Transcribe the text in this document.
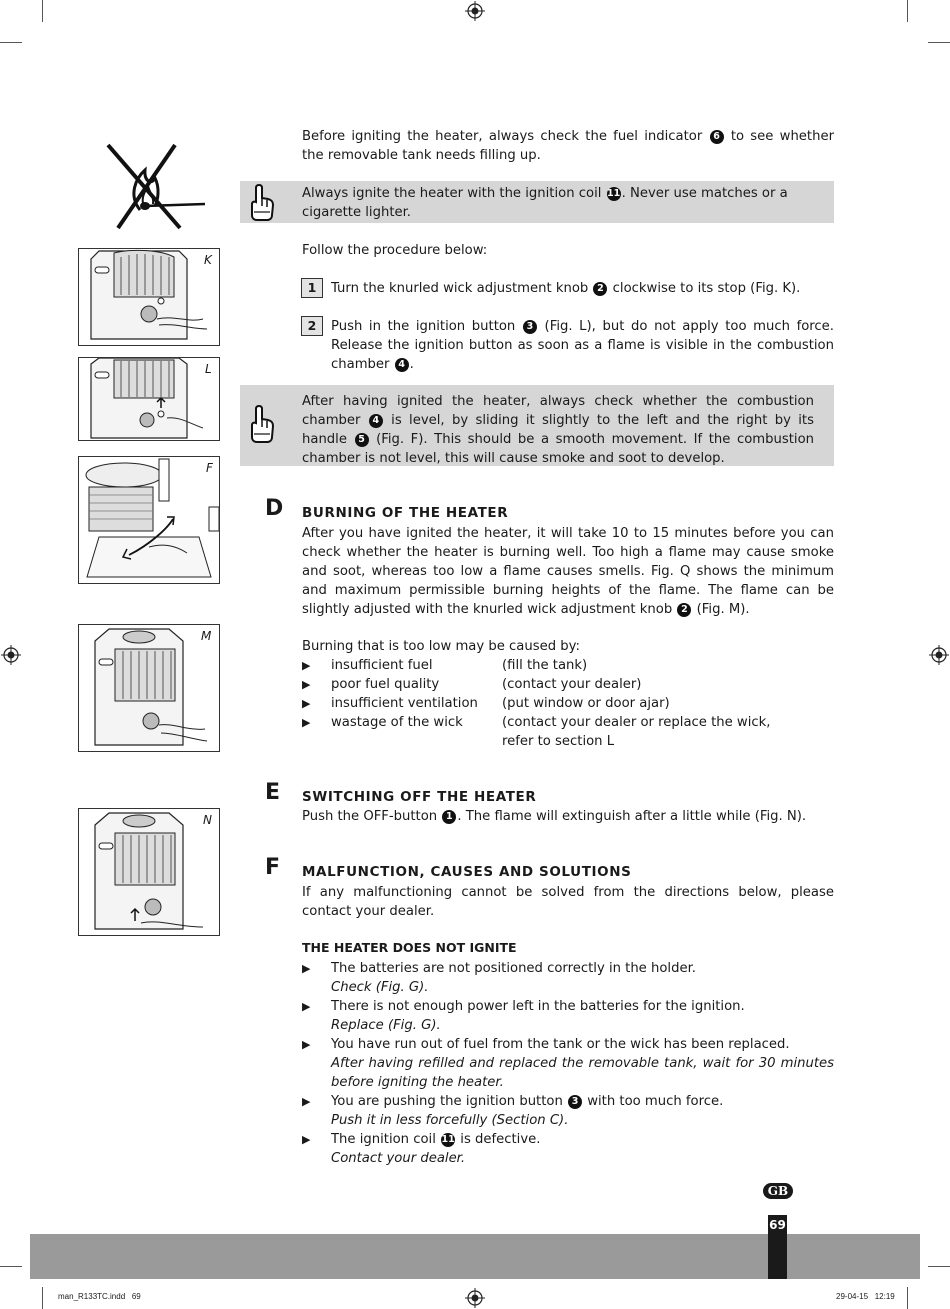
Before igniting the heater, always check the fuel indicator 6 to see whether the removable tank needs filling up.
Always ignite the heater with the ignition coil 11. Never use matches or a cigarette lighter.
Follow the procedure below:
1	Turn the knurled wick adjustment knob 2 clockwise to its stop (Fig. K).
2	Push in the ignition button 3 (Fig. L), but do not apply too much force. Release the ignition button as soon as a flame is visible in the combustion chamber 4 .
After having ignited the heater, always check whether the combustion chamber 4 is level, by sliding it slightly to the left and the right by its handle 5 (Fig. F). This should be a smooth movement. If the combustion chamber is not level, this will cause smoke and soot to develop.
D BURNING OF THE HEATER
After you have ignited the heater, it will take 10 to 15 minutes before you can check whether the heater is burning well. Too high a flame may cause smoke and soot, whereas too low a flame causes smells. Fig. Q shows the minimum and maximum permissible burning heights of the flame. The flame can be slightly adjusted with the knurled wick adjustment knob 2 (Fig. M).
Burning that is too low may be caused by:
▶ insufficient fuel	(fill the tank)
▶ poor fuel quality	(contact your dealer)
▶ insufficient ventilation (put window or door ajar)
▶ wastage of the wick	(contact your dealer or replace the wick,
refer to section L
E SWITCHING OFF THE HEATER
Push the OFF-button 1 . The flame will extinguish after a little while (Fig. N).
F MALFUNCTION, CAUSES AND SOLUTIONS
If any malfunctioning cannot be solved from the directions below, please contact your dealer.
THE HEATER DOES NOT IGNITE
▶ The batteries are not positioned correctly in the holder.
Check (Fig. G).
▶ There is not enough power left in the batteries for the ignition.
Replace (Fig. G).
▶ You have run out of fuel from the tank or the wick has been replaced.
After having refilled and replaced the removable tank, wait for 30 minutes before igniting the heater.
▶ You are pushing the ignition button 3 with too much force.
Push it in less forcefully (Section C).
▶ The ignition coil 11 is defective.
Contact your dealer.
K
L
F
M
N
GB
69
man_R133TC.indd   69	29-04-15   12:19
